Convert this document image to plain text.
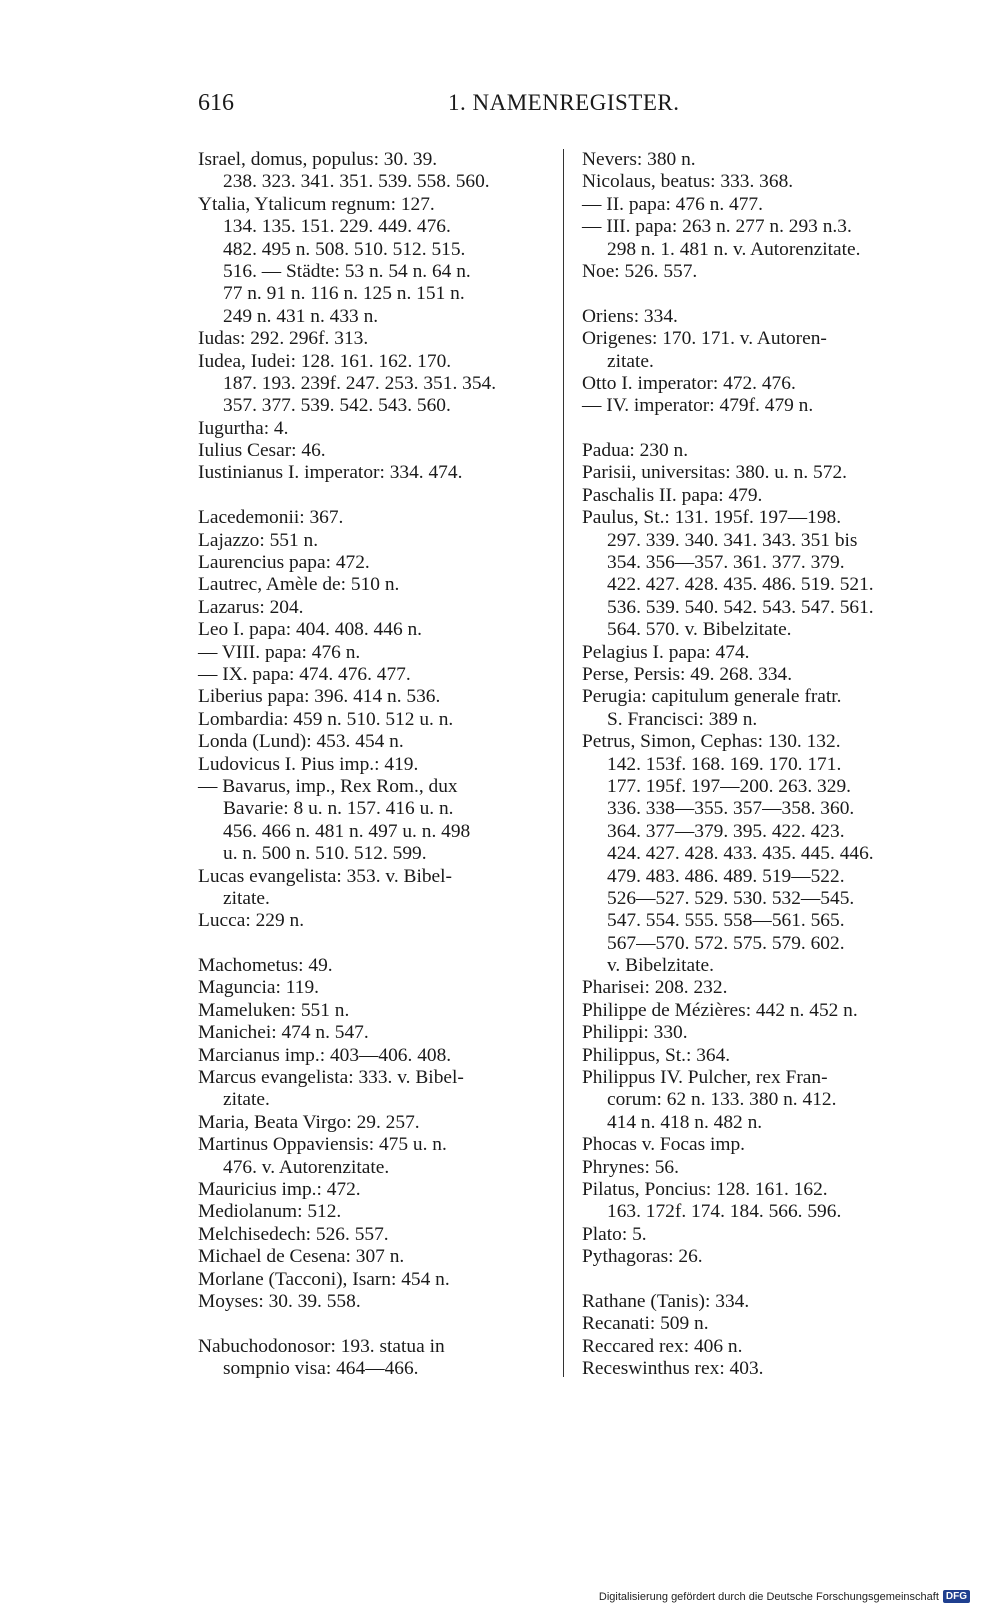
616	1. NAMENREGISTER.
Israel, domus, populus: 30. 39.
238. 323. 341. 351. 539. 558. 560.
Ytalia, Ytalicum regnum: 127.
134. 135. 151. 229. 449. 476.
482. 495 n. 508. 510. 512. 515.
516. — Städte: 53 n. 54 n. 64 n.
77 n. 91 n. 116 n. 125 n. 151 n.
249 n. 431 n. 433 n.
Iudas: 292. 296f. 313.
Iudea, Iudei: 128. 161. 162. 170.
187. 193. 239f. 247. 253. 351. 354.
357. 377. 539. 542. 543. 560.
Iugurtha: 4.
Iulius Cesar: 46.
Iustinianus I. imperator: 334. 474.
Lacedemonii: 367.
Lajazzo: 551 n.
Laurencius papa: 472.
Lautrec, Amèle de: 510 n.
Lazarus: 204.
Leo I. papa: 404. 408. 446 n.
— VIII. papa: 476 n.
— IX. papa: 474. 476. 477.
Liberius papa: 396. 414 n. 536.
Lombardia: 459 n. 510. 512 u. n.
Londa (Lund): 453. 454 n.
Ludovicus I. Pius imp.: 419.
— Bavarus, imp., Rex Rom., dux
Bavarie: 8 u. n. 157. 416 u. n.
456. 466 n. 481 n. 497 u. n. 498
u. n. 500 n. 510. 512. 599.
Lucas evangelista: 353. v. Bibel-
zitate.
Lucca: 229 n.
Machometus: 49.
Maguncia: 119.
Mameluken: 551 n.
Manichei: 474 n. 547.
Marcianus imp.: 403—406. 408.
Marcus evangelista: 333. v. Bibel-
zitate.
Maria, Beata Virgo: 29. 257.
Martinus Oppaviensis: 475 u. n.
476. v. Autorenzitate.
Mauricius imp.: 472.
Mediolanum: 512.
Melchisedech: 526. 557.
Michael de Cesena: 307 n.
Morlane (Tacconi), Isarn: 454 n.
Moyses: 30. 39. 558.
Nabuchodonosor: 193. statua in
sompnio visa: 464—466.
Nevers: 380 n.
Nicolaus, beatus: 333. 368.
— II. papa: 476 n. 477.
— III. papa: 263 n. 277 n. 293 n.3.
298 n. 1. 481 n. v. Autorenzitate.
Noe: 526. 557.
Oriens: 334.
Origenes: 170. 171. v. Autoren-
zitate.
Otto I. imperator: 472. 476.
— IV. imperator: 479f. 479 n.
Padua: 230 n.
Parisii, universitas: 380. u. n. 572.
Paschalis II. papa: 479.
Paulus, St.: 131. 195f. 197—198.
297. 339. 340. 341. 343. 351 bis
354. 356—357. 361. 377. 379.
422. 427. 428. 435. 486. 519. 521.
536. 539. 540. 542. 543. 547. 561.
564. 570. v. Bibelzitate.
Pelagius I. papa: 474.
Perse, Persis: 49. 268. 334.
Perugia: capitulum generale fratr.
S. Francisci: 389 n.
Petrus, Simon, Cephas: 130. 132.
142. 153f. 168. 169. 170. 171.
177. 195f. 197—200. 263. 329.
336. 338—355. 357—358. 360.
364. 377—379. 395. 422. 423.
424. 427. 428. 433. 435. 445. 446.
479. 483. 486. 489. 519—522.
526—527. 529. 530. 532—545.
547. 554. 555. 558—561. 565.
567—570. 572. 575. 579. 602.
v. Bibelzitate.
Pharisei: 208. 232.
Philippe de Mézières: 442 n. 452 n.
Philippi: 330.
Philippus, St.: 364.
Philippus IV. Pulcher, rex Fran-
corum: 62 n. 133. 380 n. 412.
414 n. 418 n. 482 n.
Phocas v. Focas imp.
Phrynes: 56.
Pilatus, Poncius: 128. 161. 162.
163. 172f. 174. 184. 566. 596.
Plato: 5.
Pythagoras: 26.
Rathane (Tanis): 334.
Recanati: 509 n.
Reccared rex: 406 n.
Receswinthus rex: 403.
Digitalisierung gefördert durch die Deutsche Forschungsgemeinschaft DFG
